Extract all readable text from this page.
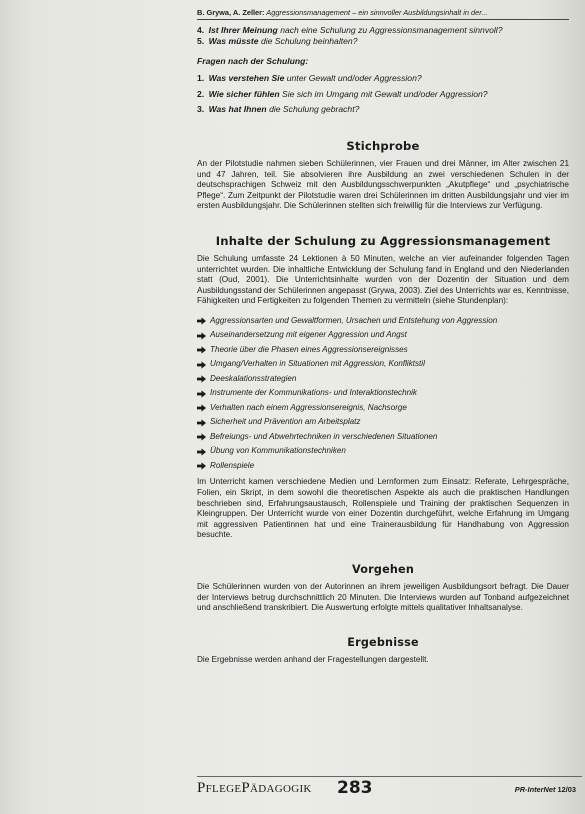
B. Grywa, A. Zeller: Aggressionsmanagement – ein sinnvoller Ausbildungsinhalt in der...

4. Ist Ihrer Meinung nach eine Schulung zu Aggressionsmanagement sinnvoll?

5. Was müsste die Schulung beinhalten?

Fragen nach der Schulung:

1. Was verstehen Sie unter Gewalt und/oder Aggression?

2. Wie sicher fühlen Sie sich im Umgang mit Gewalt und/oder Aggression?

3. Was hat Ihnen die Schulung gebracht?

Stichprobe

An der Pilotstudie nahmen sieben Schülerinnen, vier Frauen und drei Männer, im Alter zwischen 21 und 47 Jahren, teil. Sie absolvieren ihre Ausbildung an zwei verschiedenen Schulen in der deutschsprachigen Schweiz mit den Ausbildungsschwerpunkten „Akutpflege“ und „psychiatrische Pflege“. Zum Zeitpunkt der Pilotstudie waren drei Schülerinnen im dritten Ausbildungsjahr und vier im ersten Ausbildungsjahr. Die Schülerinnen stellten sich freiwillig für die Interviews zur Verfügung.

Inhalte der Schulung zu Aggressionsmanagement

Die Schulung umfasste 24 Lektionen à 50 Minuten, welche an vier aufeinander folgenden Tagen unterrichtet wurden. Die inhaltliche Entwicklung der Schulung fand in England und den Niederlanden statt (Oud, 2001). Die Unterrichtsinhalte wurden von der Dozentin der Situation und dem Ausbildungsstand der Schülerinnen angepasst (Grywa, 2003). Ziel des Unterrichts war es, Kenntnisse, Fähigkeiten und Fertigkeiten zu folgenden Themen zu vermitteln (siehe Stundenplan):

Aggressionsarten und Gewaltformen, Ursachen und Entstehung von Aggression
Auseinandersetzung mit eigener Aggression und Angst
Theorie über die Phasen eines Aggressionsereignisses
Umgang/Verhalten in Situationen mit Aggression, Konfliktstil
Deeskalationsstrategien
Instrumente der Kommunikations- und Interaktionstechnik
Verhalten nach einem Aggressionsereignis, Nachsorge
Sicherheit und Prävention am Arbeitsplatz
Befreiungs- und Abwehrtechniken in verschiedenen Situationen
Übung von Kommunikationstechniken
Rollenspiele

Im Unterricht kamen verschiedene Medien und Lernformen zum Einsatz: Referate, Lehrgespräche, Folien, ein Skript, in dem sowohl die theoretischen Aspekte als auch die praktischen Handlungen beschrieben sind, Erfahrungsaustausch, Rollenspiele und Training der praktischen Sequenzen in Kleingruppen. Der Unterricht wurde von einer Dozentin durchgeführt, welche Erfahrung im Umgang mit aggressiven Patientinnen hat und eine Trainerausbildung für Handhabung von Aggression besuchte.

Vorgehen

Die Schülerinnen wurden von der Autorinnen an ihrem jeweiligen Ausbildungsort befragt. Die Dauer der Interviews betrug durchschnittlich 20 Minuten. Die Interviews wurden auf Tonband aufgezeichnet und anschließend transkribiert. Die Auswertung erfolgte mittels qualitativer Inhaltsanalyse.

Ergebnisse

Die Ergebnisse werden anhand der Fragestellungen dargestellt.

PflegePädagogik 283	PR-InterNet 12/03
